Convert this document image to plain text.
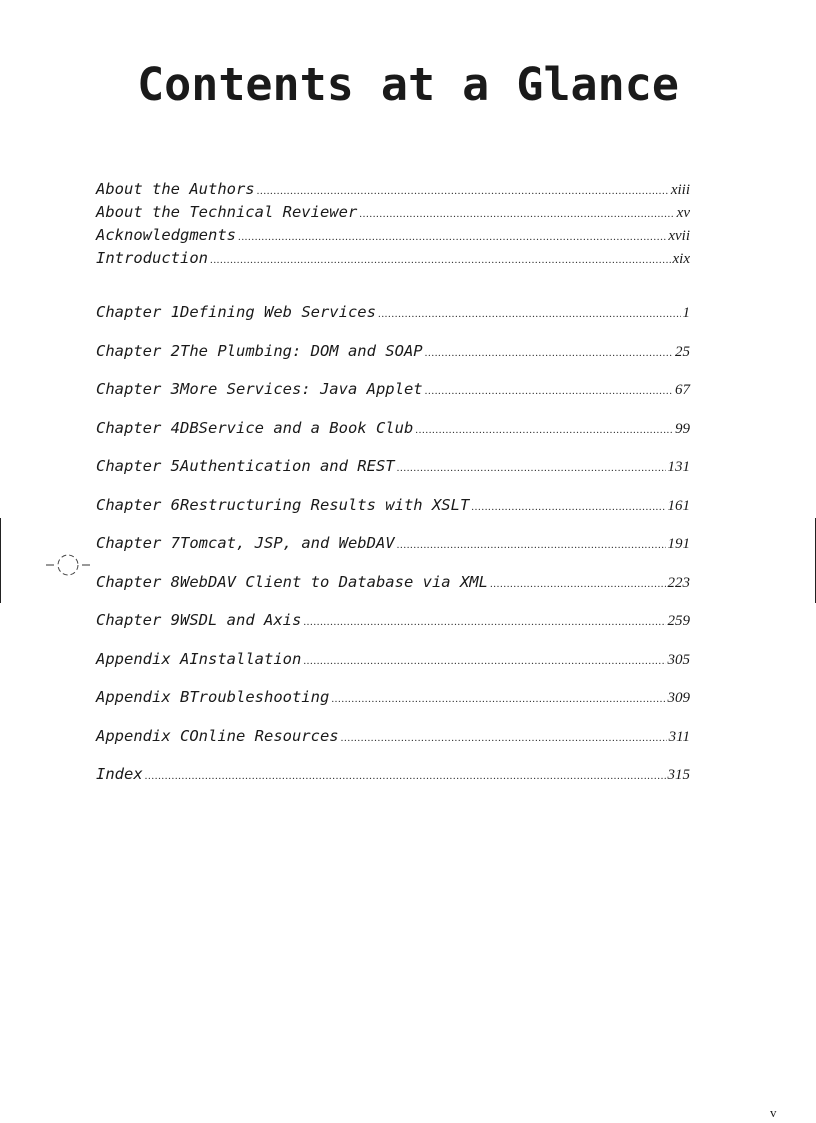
Contents at a Glance
About the Authors .....	xiii
About the Technical Reviewer .....	xv
Acknowledgments .....	xvii
Introduction .....	xix
Chapter 1 Defining Web Services .....	1
Chapter 2 The Plumbing: DOM and SOAP .....	25
Chapter 3 More Services: Java Applet .....	67
Chapter 4 DBService and a Book Club .....	99
Chapter 5 Authentication and REST .....	131
Chapter 6 Restructuring Results with XSLT .....	161
Chapter 7 Tomcat, JSP, and WebDAV .....	191
Chapter 8 WebDAV Client to Database via XML .....	223
Chapter 9 WSDL and Axis .....	259
Appendix A Installation .....	305
Appendix B Troubleshooting .....	309
Appendix C Online Resources .....	311
Index .....	315
v
